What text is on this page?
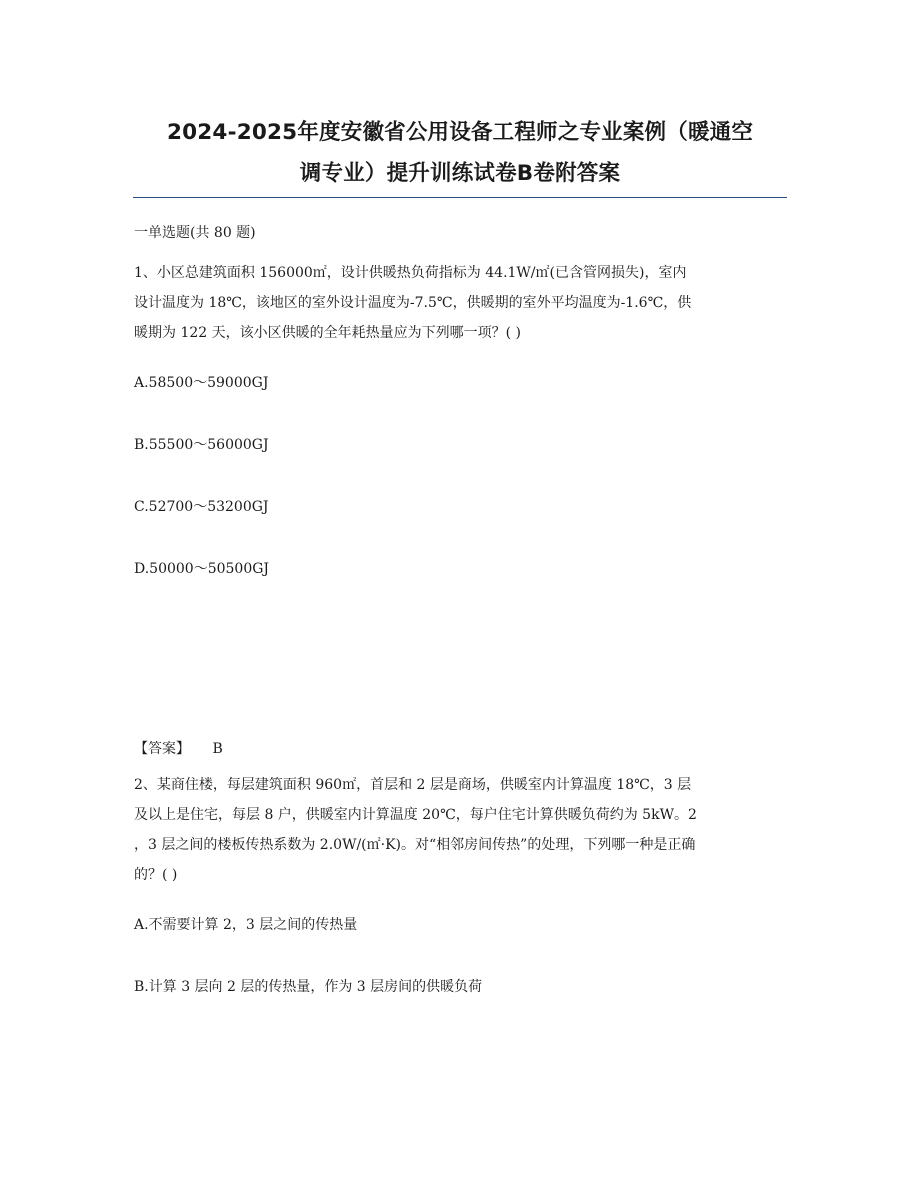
2024-2025年度安徽省公用设备工程师之专业案例（暖通空
调专业）提升训练试卷B卷附答案
一单选题(共 80 题)
1、小区总建筑面积 156000㎡，设计供暖热负荷指标为 44.1W/㎡(已含管网损失)，室内
设计温度为 18℃，该地区的室外设计温度为-7.5℃，供暖期的室外平均温度为-1.6℃，供
暖期为 122 天，该小区供暖的全年耗热量应为下列哪一项？( )
A.58500～59000GJ
B.55500～56000GJ
C.52700～53200GJ
D.50000～50500GJ
【答案】 B
2、某商住楼，每层建筑面积 960㎡，首层和 2 层是商场，供暖室内计算温度 18℃，3 层
及以上是住宅，每层 8 户，供暖室内计算温度 20℃，每户住宅计算供暖负荷约为 5kW。2
，3 层之间的楼板传热系数为 2.0W/(㎡·K)。对“相邻房间传热”的处理，下列哪一种是正确
的？( )
A.不需要计算 2，3 层之间的传热量
B.计算 3 层向 2 层的传热量，作为 3 层房间的供暖负荷
